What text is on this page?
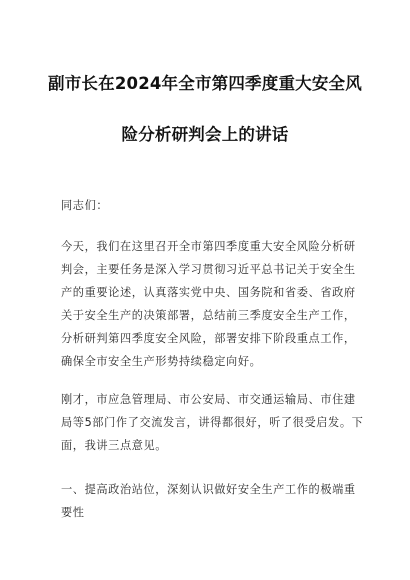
副市长在2024年全市第四季度重大安全风
险分析研判会上的讲话
同志们：
今天，我们在这里召开全市第四季度重大安全风险分析研
判会，主要任务是深入学习贯彻习近平总书记关于安全生
产的重要论述，认真落实党中央、国务院和省委、省政府
关于安全生产的决策部署，总结前三季度安全生产工作，
分析研判第四季度安全风险，部署安排下阶段重点工作，
确保全市安全生产形势持续稳定向好。
刚才，市应急管理局、市公安局、市交通运输局、市住建
局等5部门作了交流发言，讲得都很好，听了很受启发。下
面，我讲三点意见。
一、提高政治站位，深刻认识做好安全生产工作的极端重
要性
